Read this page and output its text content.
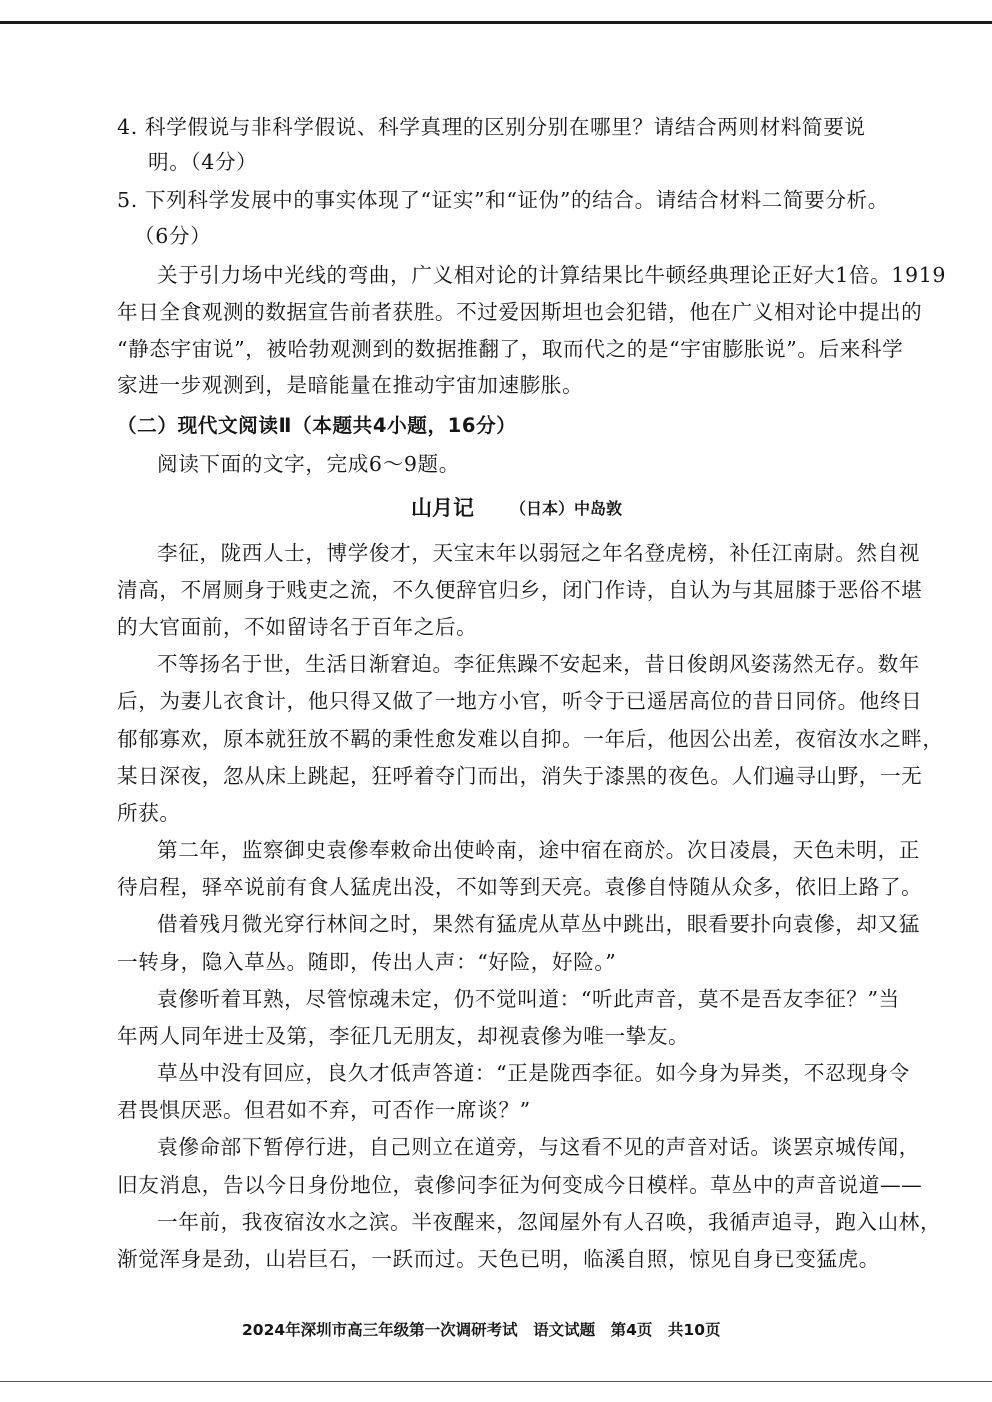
4. 科学假说与非科学假说、科学真理的区别分别在哪里？请结合两则材料简要说
明。（4分）
5. 下列科学发展中的事实体现了“证实”和“证伪”的结合。请结合材料二简要分析。
（6分）
关于引力场中光线的弯曲，广义相对论的计算结果比牛顿经典理论正好大1倍。1919
年日全食观测的数据宣告前者获胜。不过爱因斯坦也会犯错，他在广义相对论中提出的
“静态宇宙说”，被哈勃观测到的数据推翻了，取而代之的是“宇宙膨胀说”。后来科学
家进一步观测到，是暗能量在推动宇宙加速膨胀。
（二）现代文阅读Ⅱ（本题共4小题，16分）
阅读下面的文字，完成6～9题。
山月记 （日本）中岛敦
李征，陇西人士，博学俊才，天宝末年以弱冠之年名登虎榜，补任江南尉。然自视
清高，不屑厕身于贱吏之流，不久便辞官归乡，闭门作诗，自认为与其屈膝于恶俗不堪
的大官面前，不如留诗名于百年之后。
不等扬名于世，生活日渐窘迫。李征焦躁不安起来，昔日俊朗风姿荡然无存。数年
后，为妻儿衣食计，他只得又做了一地方小官，听令于已遥居高位的昔日同侪。他终日
郁郁寡欢，原本就狂放不羁的秉性愈发难以自抑。一年后，他因公出差，夜宿汝水之畔，
某日深夜，忽从床上跳起，狂呼着夺门而出，消失于漆黑的夜色。人们遍寻山野，一无
所获。
第二年，监察御史袁傪奉敕命出使岭南，途中宿在商於。次日凌晨，天色未明，正
待启程，驿卒说前有食人猛虎出没，不如等到天亮。袁傪自恃随从众多，依旧上路了。
借着残月微光穿行林间之时，果然有猛虎从草丛中跳出，眼看要扑向袁傪，却又猛
一转身，隐入草丛。随即，传出人声：“好险，好险。”
袁傪听着耳熟，尽管惊魂未定，仍不觉叫道：“听此声音，莫不是吾友李征？”当
年两人同年进士及第，李征几无朋友，却视袁傪为唯一挚友。
草丛中没有回应，良久才低声答道：“正是陇西李征。如今身为异类，不忍现身令
君畏惧厌恶。但君如不弃，可否作一席谈？”
袁傪命部下暂停行进，自己则立在道旁，与这看不见的声音对话。谈罢京城传闻，
旧友消息，告以今日身份地位，袁傪问李征为何变成今日模样。草丛中的声音说道——
一年前，我夜宿汝水之滨。半夜醒来，忽闻屋外有人召唤，我循声追寻，跑入山林，
渐觉浑身是劲，山岩巨石，一跃而过。天色已明，临溪自照，惊见自身已变猛虎。
2024年深圳市高三年级第一次调研考试　语文试题　第4页　共10页
